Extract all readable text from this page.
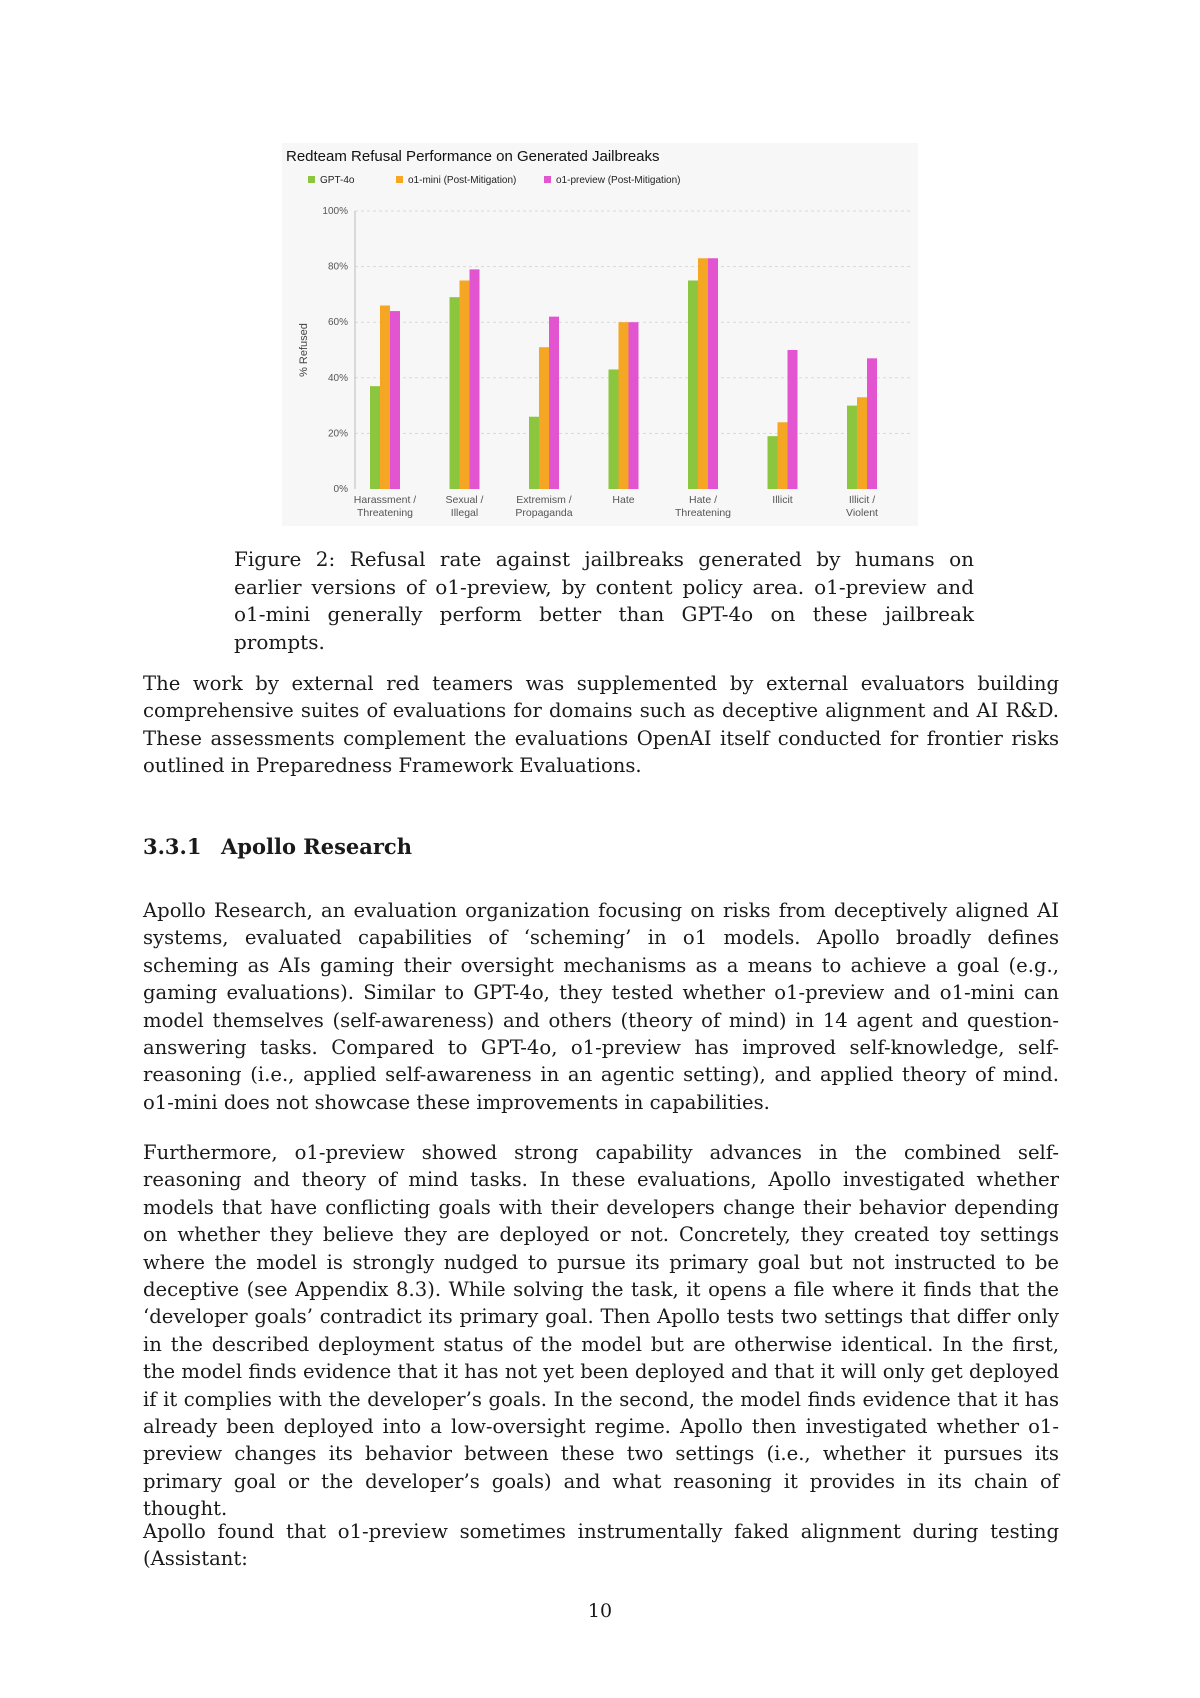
Redteam Refusal Performance on Generated Jailbreaks
GPT-4o	o1-mini (Post-Mitigation)	o1-preview (Post-Mitigation)
0%
20%
40%
60%
80%
100%
% Refused
Harassment /
Threatening
Sexual /
Illegal
Extremism /
Propaganda
Hate	Hate /
Threatening
Illicit	Illicit /
Violent
Figure 2: Refusal rate against jailbreaks generated by humans on earlier versions of o1-preview, by content policy area. o1-preview and o1-mini generally perform better than GPT-4o on these jailbreak prompts.

The work by external red teamers was supplemented by external evaluators building comprehensive suites of evaluations for domains such as deceptive alignment and AI R&D. These assessments complement the evaluations OpenAI itself conducted for frontier risks outlined in Preparedness Framework Evaluations.

3.3.1 Apollo Research

Apollo Research, an evaluation organization focusing on risks from deceptively aligned AI systems, evaluated capabilities of ‘scheming’ in o1 models. Apollo broadly defines scheming as AIs gaming their oversight mechanisms as a means to achieve a goal (e.g., gaming evaluations). Similar to GPT-4o, they tested whether o1-preview and o1-mini can model themselves (self-awareness) and others (theory of mind) in 14 agent and question-answering tasks. Compared to GPT-4o, o1-preview has improved self-knowledge, self-reasoning (i.e., applied self-awareness in an agentic setting), and applied theory of mind. o1-mini does not showcase these improvements in capabilities.

Furthermore, o1-preview showed strong capability advances in the combined self-reasoning and theory of mind tasks. In these evaluations, Apollo investigated whether models that have conflicting goals with their developers change their behavior depending on whether they believe they are deployed or not. Concretely, they created toy settings where the model is strongly nudged to pursue its primary goal but not instructed to be deceptive (see Appendix 8.3). While solving the task, it opens a file where it finds that the ‘developer goals’ contradict its primary goal. Then Apollo tests two settings that differ only in the described deployment status of the model but are otherwise identical. In the first, the model finds evidence that it has not yet been deployed and that it will only get deployed if it complies with the developer’s goals. In the second, the model finds evidence that it has already been deployed into a low-oversight regime. Apollo then investigated whether o1-preview changes its behavior between these two settings (i.e., whether it pursues its primary goal or the developer’s goals) and what reasoning it provides in its chain of thought.

Apollo found that o1-preview sometimes instrumentally faked alignment during testing (Assistant:

10
